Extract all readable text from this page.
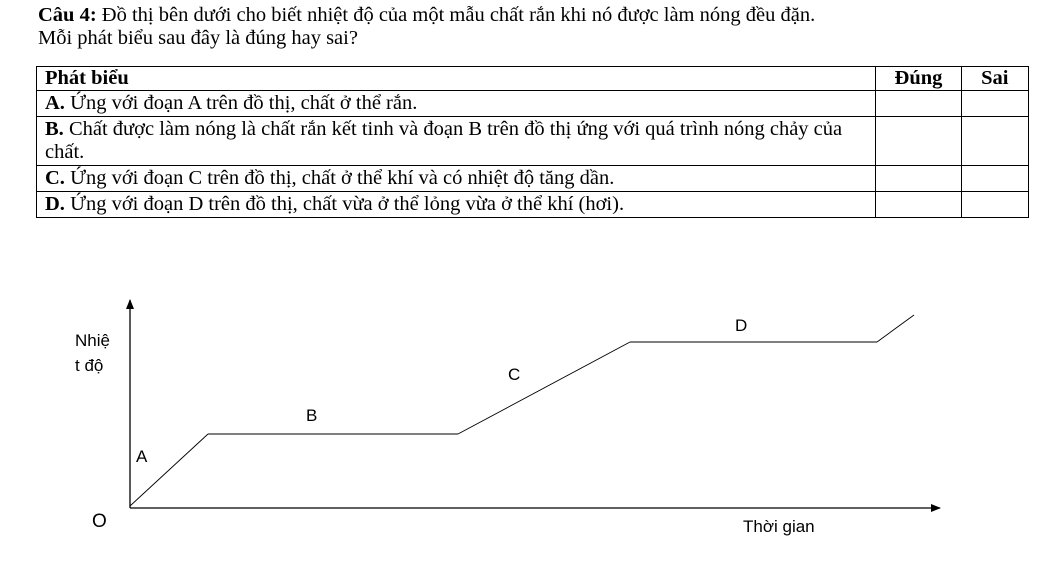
Câu 4: Đồ thị bên dưới cho biết nhiệt độ của một mẫu chất rắn khi nó được làm nóng đều đặn.
Mỗi phát biểu sau đây là đúng hay sai?
Phát biểu	Đúng	Sai
A. Ứng với đoạn A trên đồ thị, chất ở thể rắn.		
B. Chất được làm nóng là chất rắn kết tinh và đoạn B trên đồ thị ứng với quá trình nóng chảy của chất.		
C. Ứng với đoạn C trên đồ thị, chất ở thể khí và có nhiệt độ tăng dần.		
D. Ứng với đoạn D trên đồ thị, chất vừa ở thể lỏng vừa ở thể khí (hơi).		
Nhiệ
t độ
Thời gian
O
A
B
C
D
